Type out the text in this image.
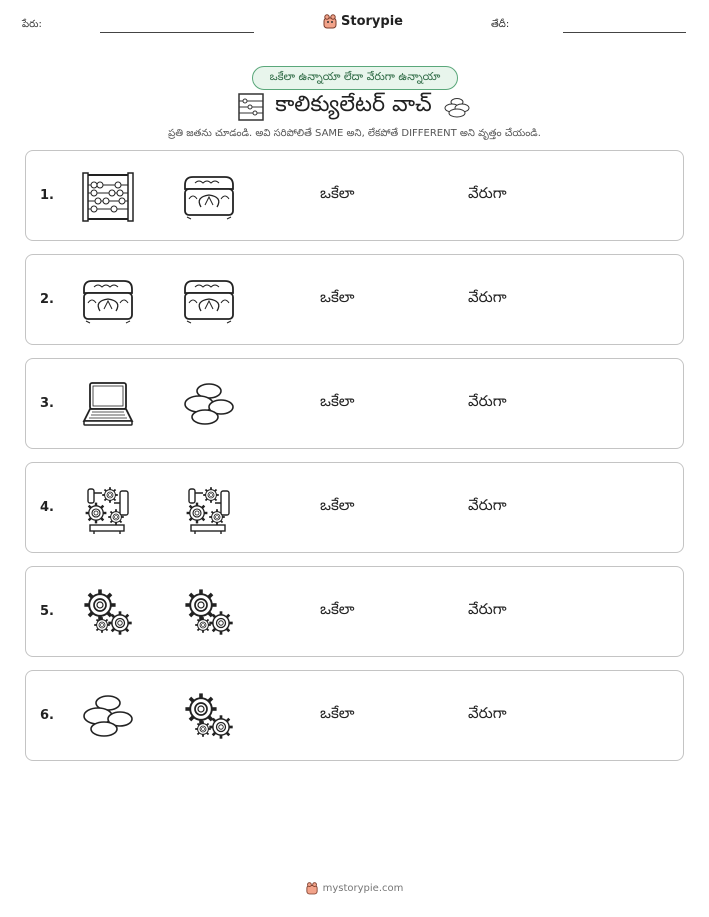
పేరు:	Storypie	తేదీ:
ఒకేలా ఉన్నాయా లేదా వేరుగా ఉన్నాయా
కాలిక్యులేటర్ వాచ్
ప్రతి జతను చూడండి. అవి సరిపోలితే SAME అని, లేకపోతే DIFFERENT అని వృత్తం చేయండి.
1.	ఒకేలా	వేరుగా
2.	ఒకేలా	వేరుగా
3.	ఒకేలా	వేరుగా
4.	ఒకేలా	వేరుగా
5.	ఒకేలా	వేరుగా
6.	ఒకేలా	వేరుగా
mystorypie.com
